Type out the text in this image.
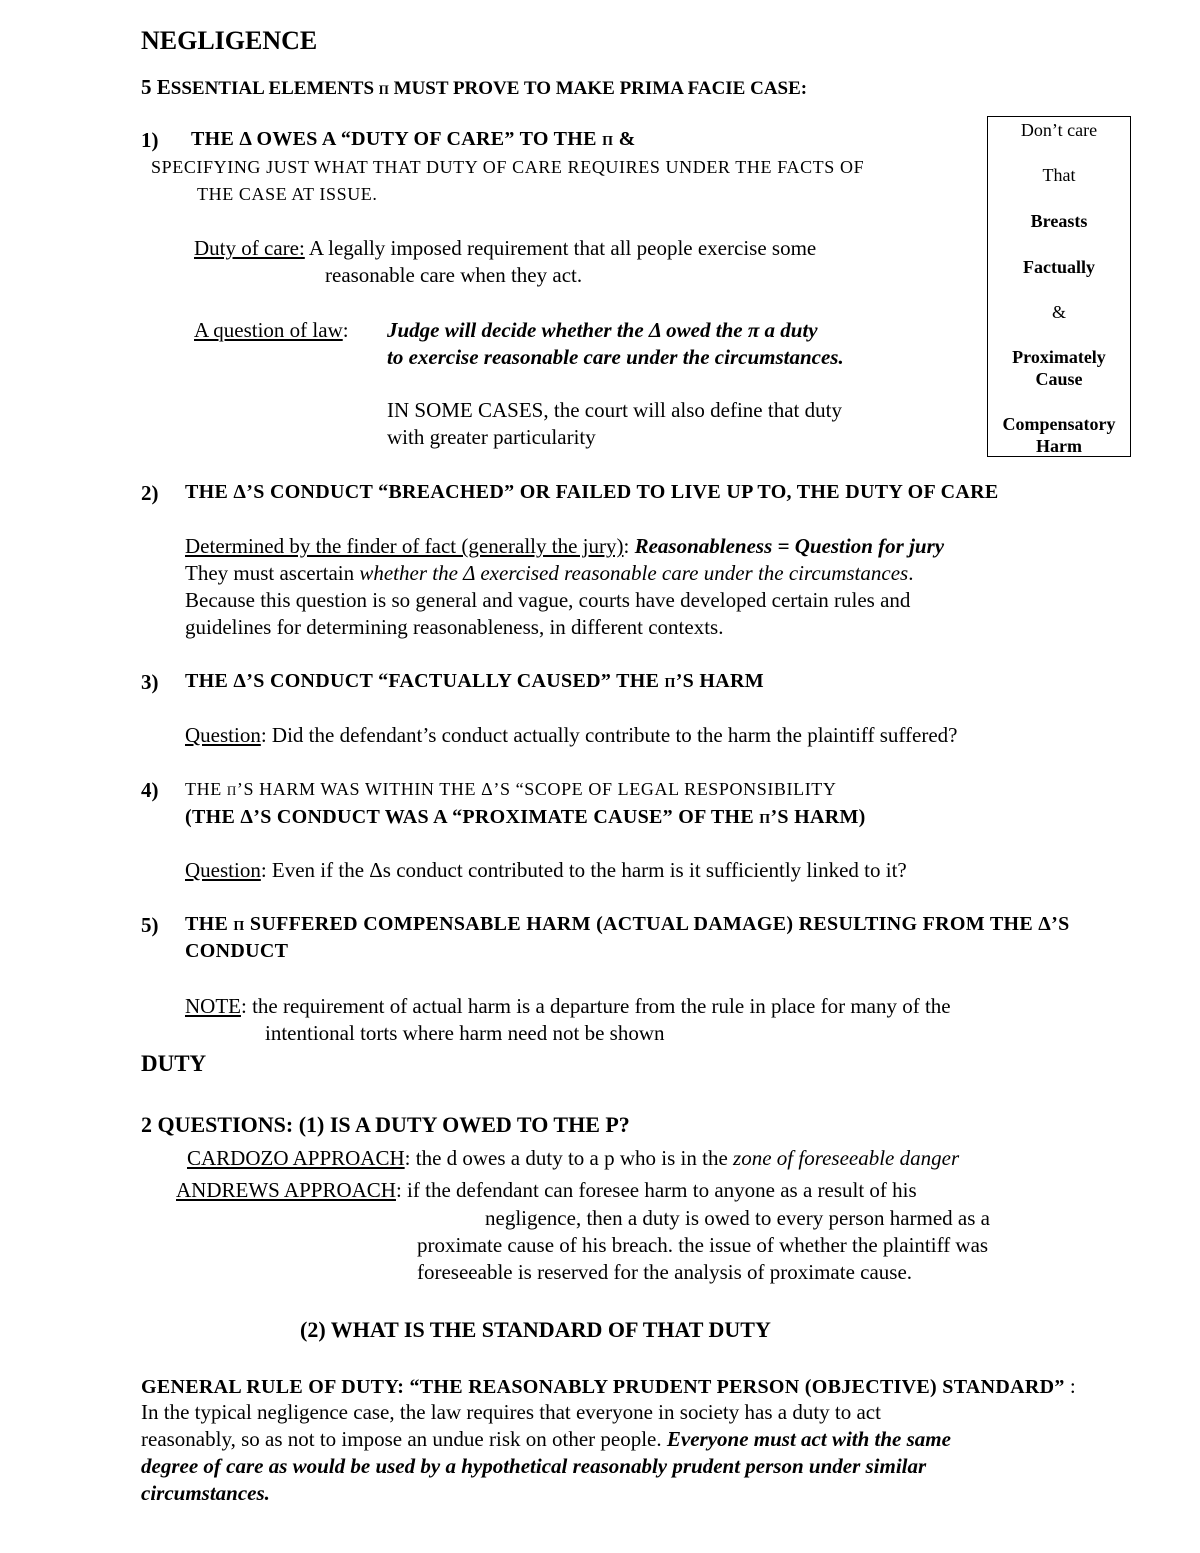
NEGLIGENCE
5 ESSENTIAL ELEMENTS π MUST PROVE TO MAKE PRIMA FACIE CASE:
Don’t care
That
Breasts
Factually
&
Proximately
Cause
Compensatory
Harm
1) THE Δ OWES A “DUTY OF CARE” TO THE π &
SPECIFYING JUST WHAT THAT DUTY OF CARE REQUIRES UNDER THE FACTS OF
THE CASE AT ISSUE.
Duty of care: A legally imposed requirement that all people exercise some
reasonable care when they act.
A question of law: Judge will decide whether the Δ owed the π a duty
to exercise reasonable care under the circumstances.
IN SOME CASES, the court will also define that duty
with greater particularity
2) THE Δ’S CONDUCT “BREACHED” OR FAILED TO LIVE UP TO, THE DUTY OF CARE
Determined by the finder of fact (generally the jury): Reasonableness = Question for jury
They must ascertain whether the Δ exercised reasonable care under the circumstances.
Because this question is so general and vague, courts have developed certain rules and
guidelines for determining reasonableness, in different contexts.
3) THE Δ’S CONDUCT “FACTUALLY CAUSED” THE π’S HARM
Question: Did the defendant’s conduct actually contribute to the harm the plaintiff suffered?
4) THE π’S HARM WAS WITHIN THE Δ’S “SCOPE OF LEGAL RESPONSIBILITY
(THE Δ’S CONDUCT WAS A “PROXIMATE CAUSE” OF THE π’S HARM)
Question: Even if the Δs conduct contributed to the harm is it sufficiently linked to it?
5) THE π SUFFERED COMPENSABLE HARM (ACTUAL DAMAGE) RESULTING FROM THE Δ’S
CONDUCT
NOTE: the requirement of actual harm is a departure from the rule in place for many of the
intentional torts where harm need not be shown
DUTY
2 QUESTIONS: (1) IS A DUTY OWED TO THE P?
CARDOZO APPROACH: the d owes a duty to a p who is in the zone of foreseeable danger
ANDREWS APPROACH: if the defendant can foresee harm to anyone as a result of his
negligence, then a duty is owed to every person harmed as a
proximate cause of his breach. the issue of whether the plaintiff was
foreseeable is reserved for the analysis of proximate cause.
(2) WHAT IS THE STANDARD OF THAT DUTY
GENERAL RULE OF DUTY: “THE REASONABLY PRUDENT PERSON (OBJECTIVE) STANDARD” :
In the typical negligence case, the law requires that everyone in society has a duty to act
reasonably, so as not to impose an undue risk on other people. Everyone must act with the same
degree of care as would be used by a hypothetical reasonably prudent person under similar
circumstances.
